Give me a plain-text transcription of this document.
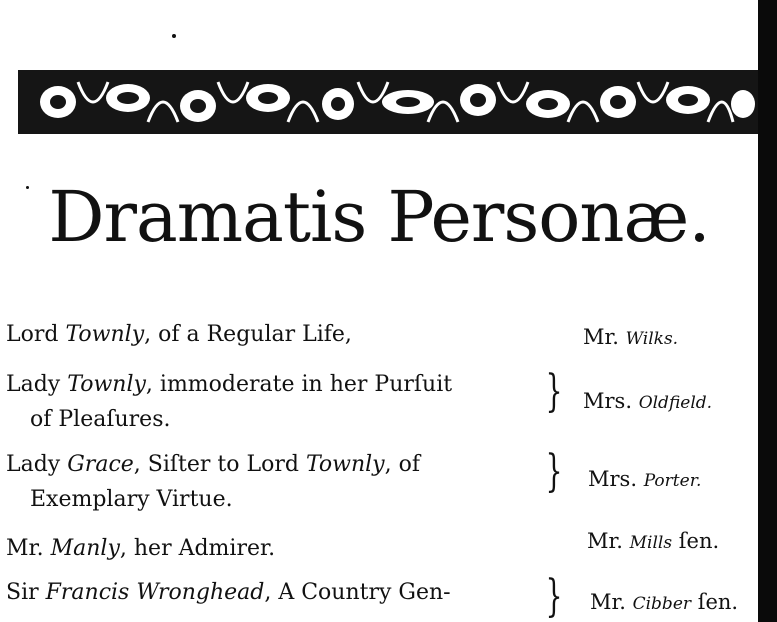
Dramatis Personæ.
Lord Townly, of a Regular Life,	Mr. Wilks.
Lady Townly, immoderate in her Purſuit
of Pleaſures.
} Mrs. Oldfield.
Lady Grace, Siſter to Lord Townly, of
Exemplary Virtue.
} Mrs. Porter.
Mr. Manly, her Admirer.	Mr. Mills ſen.
Sir Francis Wronghead, A Country Gen- } Mr. Cibber ſen.
